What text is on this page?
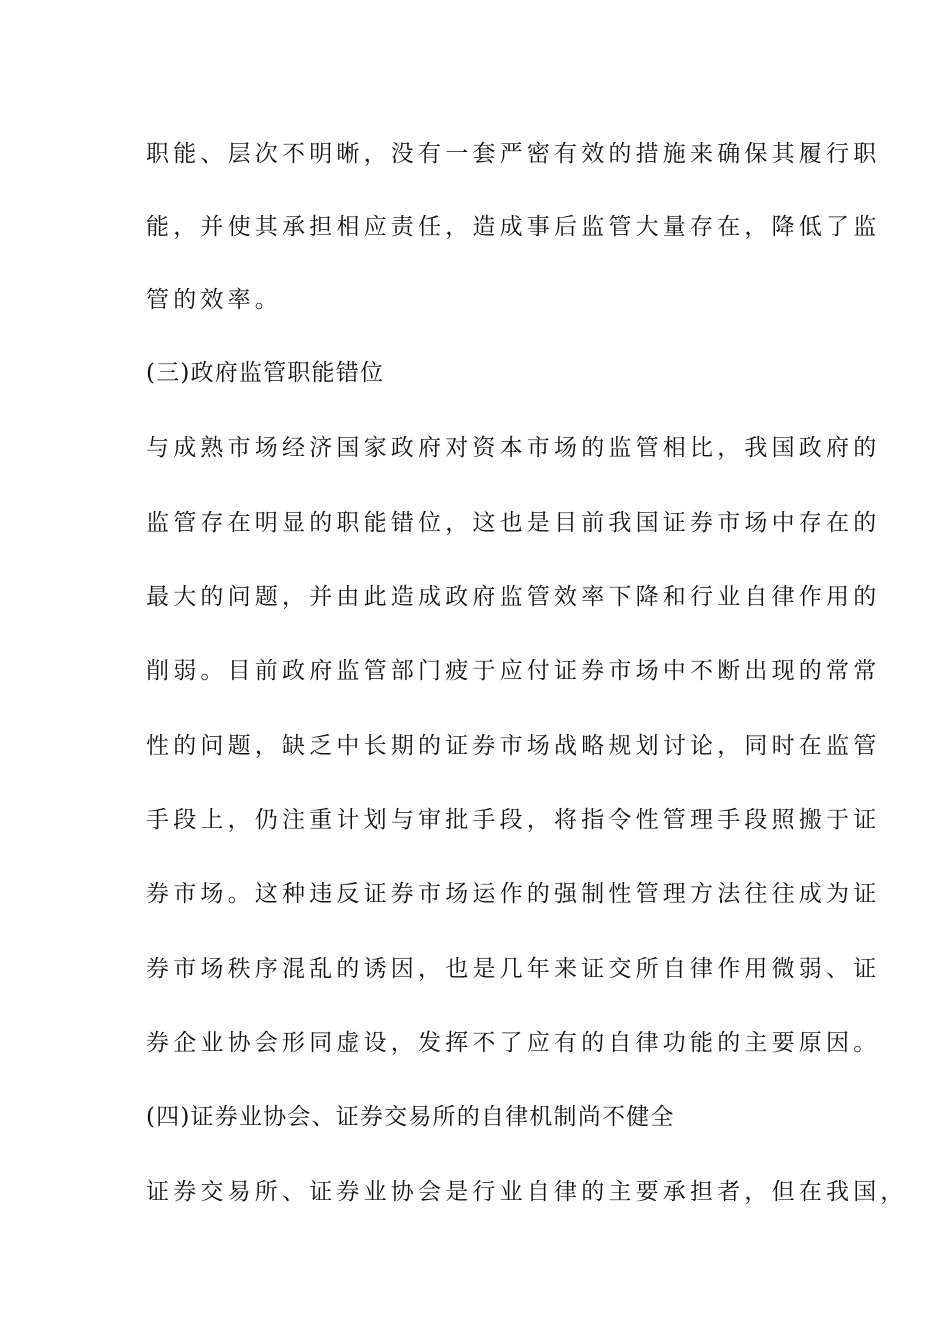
职能、层次不明晰，没有一套严密有效的措施来确保其履行职
能，并使其承担相应责任，造成事后监管大量存在，降低了监
管的效率。
(三)政府监管职能错位
与成熟市场经济国家政府对资本市场的监管相比，我国政府的
监管存在明显的职能错位，这也是目前我国证券市场中存在的
最大的问题，并由此造成政府监管效率下降和行业自律作用的
削弱。目前政府监管部门疲于应付证券市场中不断出现的常常
性的问题，缺乏中长期的证券市场战略规划讨论，同时在监管
手段上，仍注重计划与审批手段，将指令性管理手段照搬于证
券市场。这种违反证券市场运作的强制性管理方法往往成为证
券市场秩序混乱的诱因，也是几年来证交所自律作用微弱、证
券企业协会形同虚设，发挥不了应有的自律功能的主要原因。
(四)证券业协会、证券交易所的自律机制尚不健全
证券交易所、证券业协会是行业自律的主要承担者，但在我国，
